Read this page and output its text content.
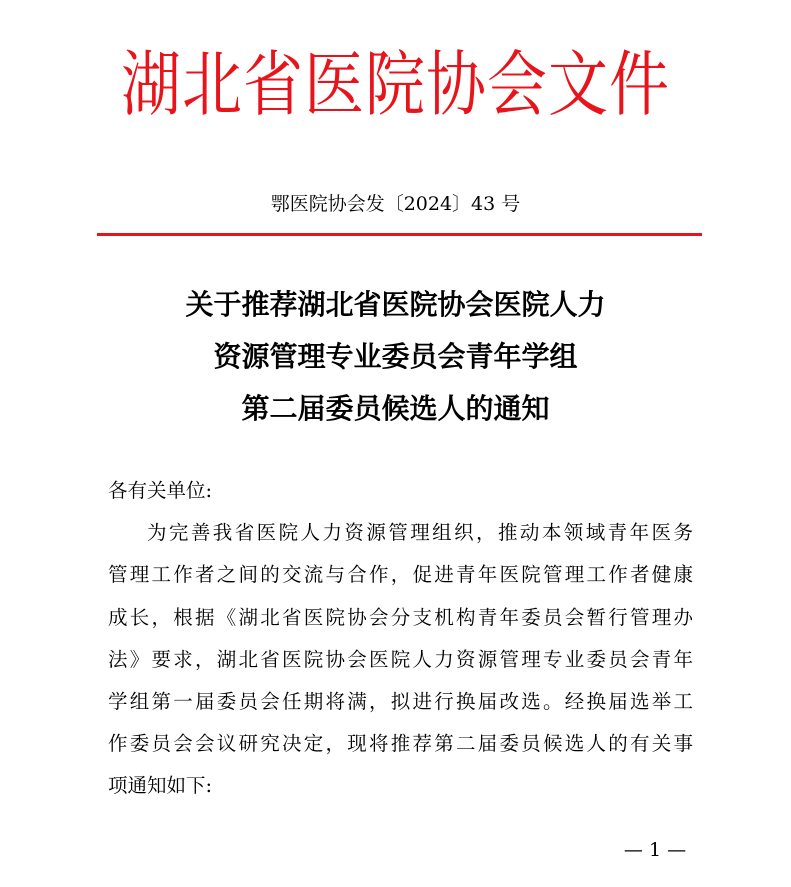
湖北省医院协会文件
鄂医院协会发〔2024〕43 号
关于推荐湖北省医院协会医院人力
资源管理专业委员会青年学组
第二届委员候选人的通知
各有关单位:
为完善我省医院人力资源管理组织，推动本领域青年医务
管理工作者之间的交流与合作，促进青年医院管理工作者健康
成长，根据《湖北省医院协会分支机构青年委员会暂行管理办
法》要求，湖北省医院协会医院人力资源管理专业委员会青年
学组第一届委员会任期将满，拟进行换届改选。经换届选举工
作委员会会议研究决定，现将推荐第二届委员候选人的有关事
项通知如下:
— 1 —
